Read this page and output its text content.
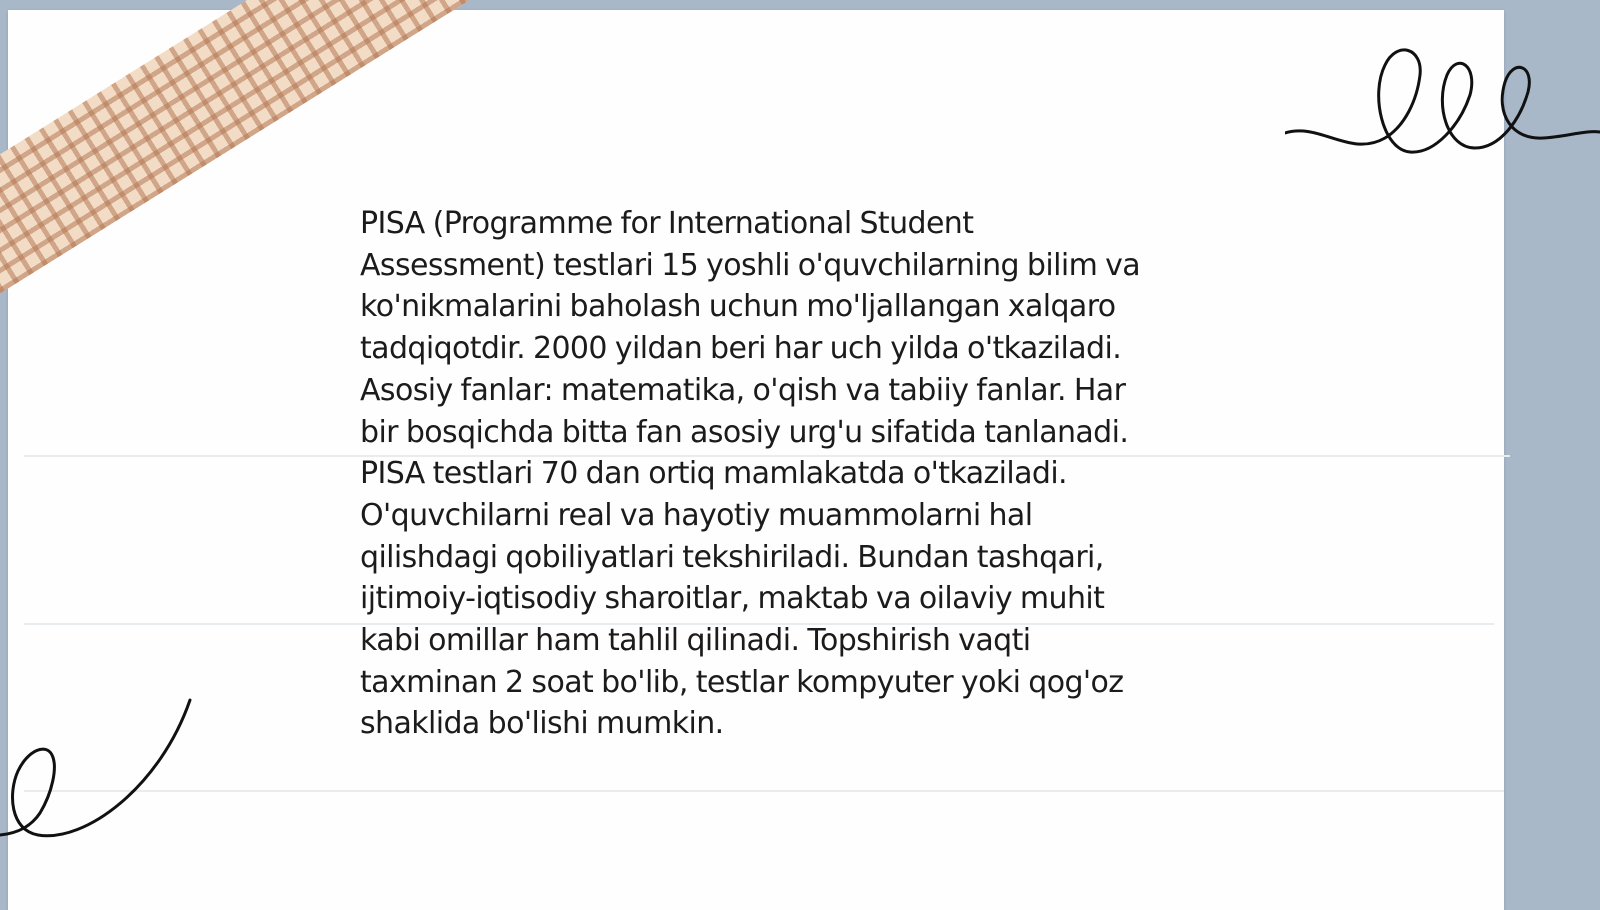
PISA (Programme for International Student
Assessment) testlari 15 yoshli o'quvchilarning bilim va
ko'nikmalarini baholash uchun mo'ljallangan xalqaro
tadqiqotdir. 2000 yildan beri har uch yilda o'tkaziladi.
Asosiy fanlar: matematika, o'qish va tabiiy fanlar. Har
bir bosqichda bitta fan asosiy urg'u sifatida tanlanadi.
PISA testlari 70 dan ortiq mamlakatda o'tkaziladi.
O'quvchilarni real va hayotiy muammolarni hal
qilishdagi qobiliyatlari tekshiriladi. Bundan tashqari,
ijtimoiy-iqtisodiy sharoitlar, maktab va oilaviy muhit
kabi omillar ham tahlil qilinadi. Topshirish vaqti
taxminan 2 soat bo'lib, testlar kompyuter yoki qog'oz
shaklida bo'lishi mumkin.
